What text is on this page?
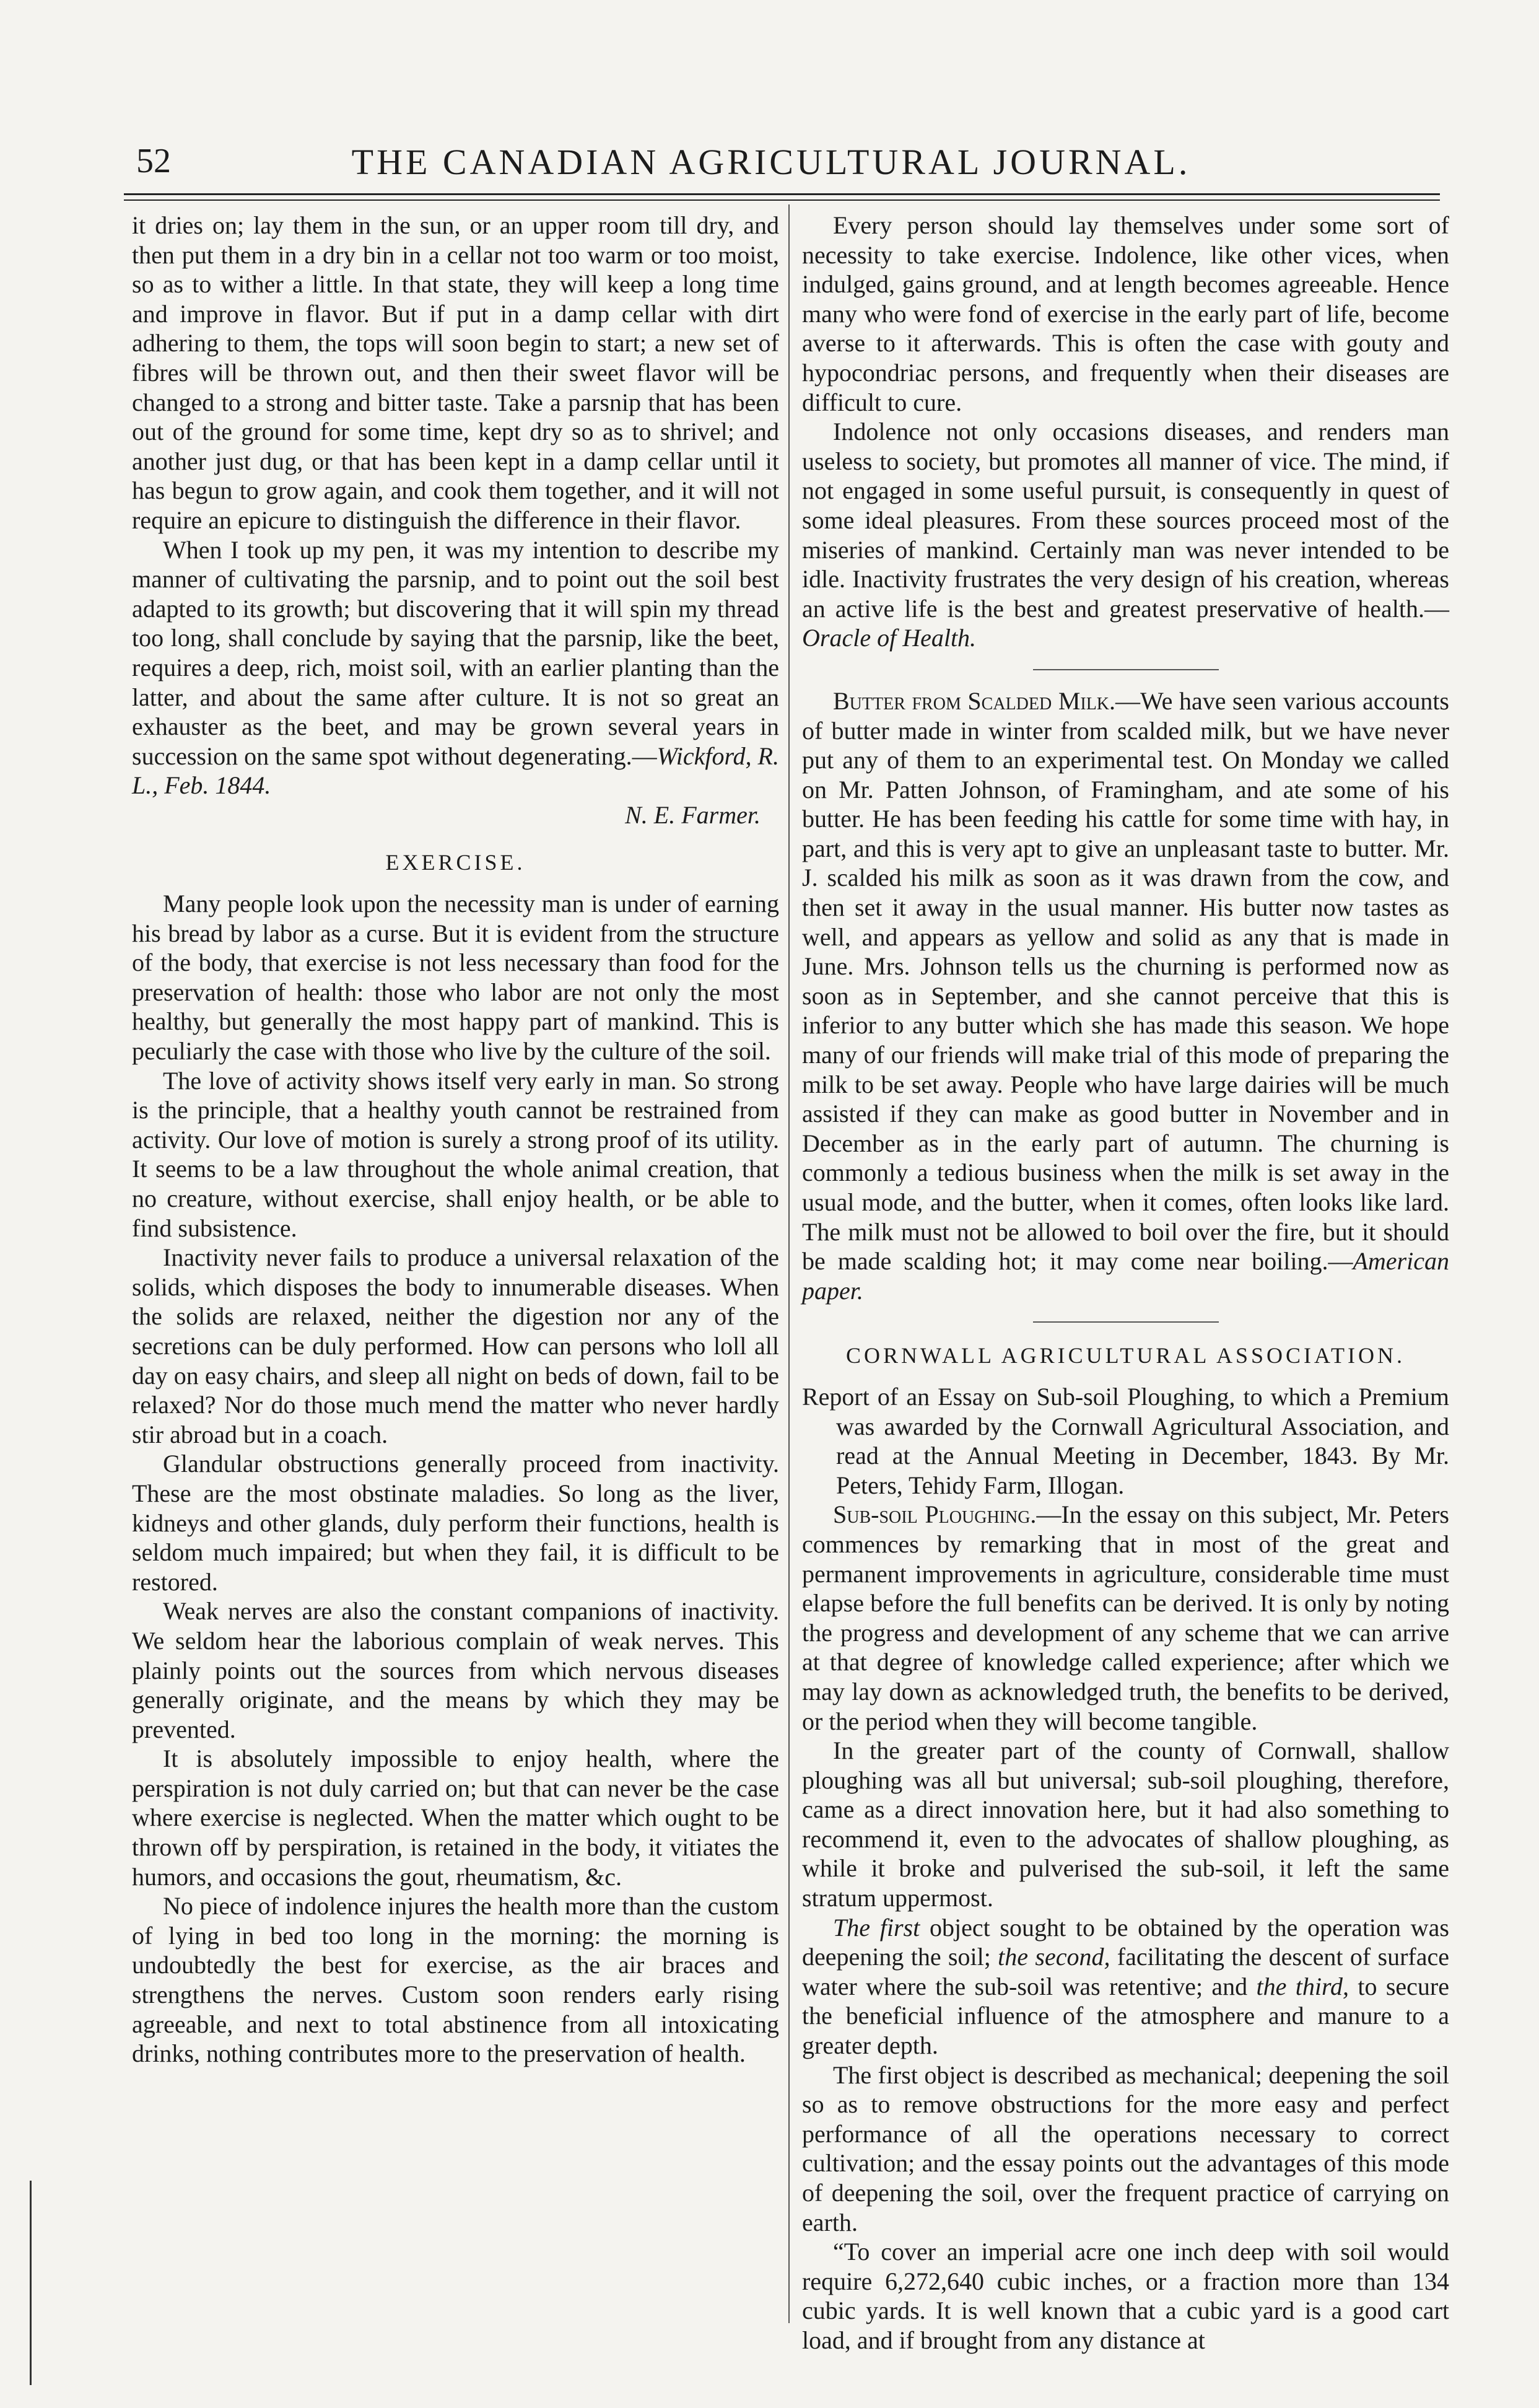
52	THE CANADIAN AGRICULTURAL JOURNAL.

it dries on; lay them in the sun, or an upper room till dry, and then put them in a dry bin in a cellar not too warm or too moist, so as to wither a little. In that state, they will keep a long time and improve in flavor. But if put in a damp cellar with dirt adhering to them, the tops will soon begin to start; a new set of fibres will be thrown out, and then their sweet flavor will be changed to a strong and bitter taste. Take a parsnip that has been out of the ground for some time, kept dry so as to shrivel; and another just dug, or that has been kept in a damp cellar until it has begun to grow again, and cook them together, and it will not require an epicure to distinguish the difference in their flavor.

When I took up my pen, it was my intention to describe my manner of cultivating the parsnip, and to point out the soil best adapted to its growth; but discovering that it will spin my thread too long, shall conclude by saying that the parsnip, like the beet, requires a deep, rich, moist soil, with an earlier planting than the latter, and about the same after culture. It is not so great an exhauster as the beet, and may be grown several years in succession on the same spot without degenerating.—Wickford, R. L., Feb. 1844.

N. E. Farmer.
EXERCISE.

Many people look upon the necessity man is under of earning his bread by labor as a curse. But it is evident from the structure of the body, that exercise is not less necessary than food for the preservation of health: those who labor are not only the most healthy, but generally the most happy part of mankind. This is peculiarly the case with those who live by the culture of the soil.

The love of activity shows itself very early in man. So strong is the principle, that a healthy youth cannot be restrained from activity. Our love of motion is surely a strong proof of its utility. It seems to be a law throughout the whole animal creation, that no creature, without exercise, shall enjoy health, or be able to find subsistence.

Inactivity never fails to produce a universal relaxation of the solids, which disposes the body to innumerable diseases. When the solids are relaxed, neither the digestion nor any of the secretions can be duly performed. How can persons who loll all day on easy chairs, and sleep all night on beds of down, fail to be relaxed? Nor do those much mend the matter who never hardly stir abroad but in a coach.

Glandular obstructions generally proceed from inactivity. These are the most obstinate maladies. So long as the liver, kidneys and other glands, duly perform their functions, health is seldom much impaired; but when they fail, it is difficult to be restored.

Weak nerves are also the constant companions of inactivity. We seldom hear the laborious complain of weak nerves. This plainly points out the sources from which nervous diseases generally originate, and the means by which they may be prevented.

It is absolutely impossible to enjoy health, where the perspiration is not duly carried on; but that can never be the case where exercise is neglected. When the matter which ought to be thrown off by perspiration, is retained in the body, it vitiates the humors, and occasions the gout, rheumatism, &c.

No piece of indolence injures the health more than the custom of lying in bed too long in the morning: the morning is undoubtedly the best for exercise, as the air braces and strengthens the nerves. Custom soon renders early rising agreeable, and next to total abstinence from all intoxicating drinks, nothing contributes more to the preservation of health.

Every person should lay themselves under some sort of necessity to take exercise. Indolence, like other vices, when indulged, gains ground, and at length becomes agreeable. Hence many who were fond of exercise in the early part of life, become averse to it afterwards. This is often the case with gouty and hypocondriac persons, and frequently when their diseases are difficult to cure.

Indolence not only occasions diseases, and renders man useless to society, but promotes all manner of vice. The mind, if not engaged in some useful pursuit, is consequently in quest of some ideal pleasures. From these sources proceed most of the miseries of mankind. Certainly man was never intended to be idle. Inactivity frustrates the very design of his creation, whereas an active life is the best and greatest preservative of health.—Oracle of Health.

Butter from Scalded Milk.—We have seen various accounts of butter made in winter from scalded milk, but we have never put any of them to an experimental test. On Monday we called on Mr. Patten Johnson, of Framingham, and ate some of his butter. He has been feeding his cattle for some time with hay, in part, and this is very apt to give an unpleasant taste to butter. Mr. J. scalded his milk as soon as it was drawn from the cow, and then set it away in the usual manner. His butter now tastes as well, and appears as yellow and solid as any that is made in June. Mrs. Johnson tells us the churning is performed now as soon as in September, and she cannot perceive that this is inferior to any butter which she has made this season. We hope many of our friends will make trial of this mode of preparing the milk to be set away. People who have large dairies will be much assisted if they can make as good butter in November and in December as in the early part of autumn. The churning is commonly a tedious business when the milk is set away in the usual mode, and the butter, when it comes, often looks like lard. The milk must not be allowed to boil over the fire, but it should be made scalding hot; it may come near boiling.—American paper.

CORNWALL AGRICULTURAL ASSOCIATION.

Report of an Essay on Sub-soil Ploughing, to which a Premium was awarded by the Cornwall Agricultural Association, and read at the Annual Meeting in December, 1843. By Mr. Peters, Tehidy Farm, Illogan.

Sub-soil Ploughing.—In the essay on this subject, Mr. Peters commences by remarking that in most of the great and permanent improvements in agriculture, considerable time must elapse before the full benefits can be derived. It is only by noting the progress and development of any scheme that we can arrive at that degree of knowledge called experience; after which we may lay down as acknowledged truth, the benefits to be derived, or the period when they will become tangible.

In the greater part of the county of Cornwall, shallow ploughing was all but universal; sub-soil ploughing, therefore, came as a direct innovation here, but it had also something to recommend it, even to the advocates of shallow ploughing, as while it broke and pulverised the sub-soil, it left the same stratum uppermost.

The first object sought to be obtained by the operation was deepening the soil; the second, facilitating the descent of surface water where the sub-soil was retentive; and the third, to secure the beneficial influence of the atmosphere and manure to a greater depth.

The first object is described as mechanical; deepening the soil so as to remove obstructions for the more easy and perfect performance of all the operations necessary to correct cultivation; and the essay points out the advantages of this mode of deepening the soil, over the frequent practice of carrying on earth.

“To cover an imperial acre one inch deep with soil would require 6,272,640 cubic inches, or a fraction more than 134 cubic yards. It is well known that a cubic yard is a good cart load, and if brought from any distance at
